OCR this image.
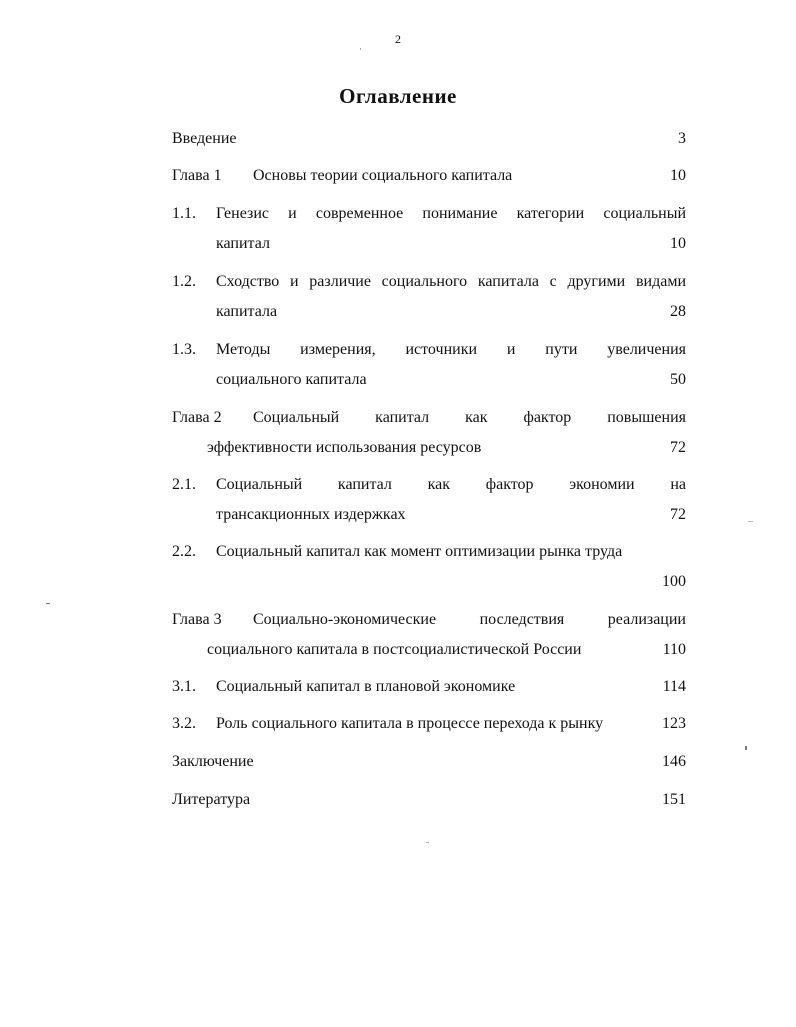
2
Оглавление
Введение	3
Глава 1 Основы теории социального капитала	10
1.1. Генезис и современное понимание категории социальный
капитал	10
1.2. Сходство и различие социального капитала с другими видами
капитала	28
1.3. Методы измерения, источники и пути увеличения
социального капитала	50
Глава 2 Социальный капитал как фактор повышения
эффективности использования ресурсов	72
2.1. Социальный капитал как фактор экономии на
трансакционных издержках	72
2.2. Социальный капитал как момент оптимизации рынка труда
100
Глава 3 Социально-экономические последствия реализации
социального капитала в постсоциалистической России	110
3.1. Социальный капитал в плановой экономике	114
3.2. Роль социального капитала в процессе перехода к рынку	123
Заключение	146
Литература	151
